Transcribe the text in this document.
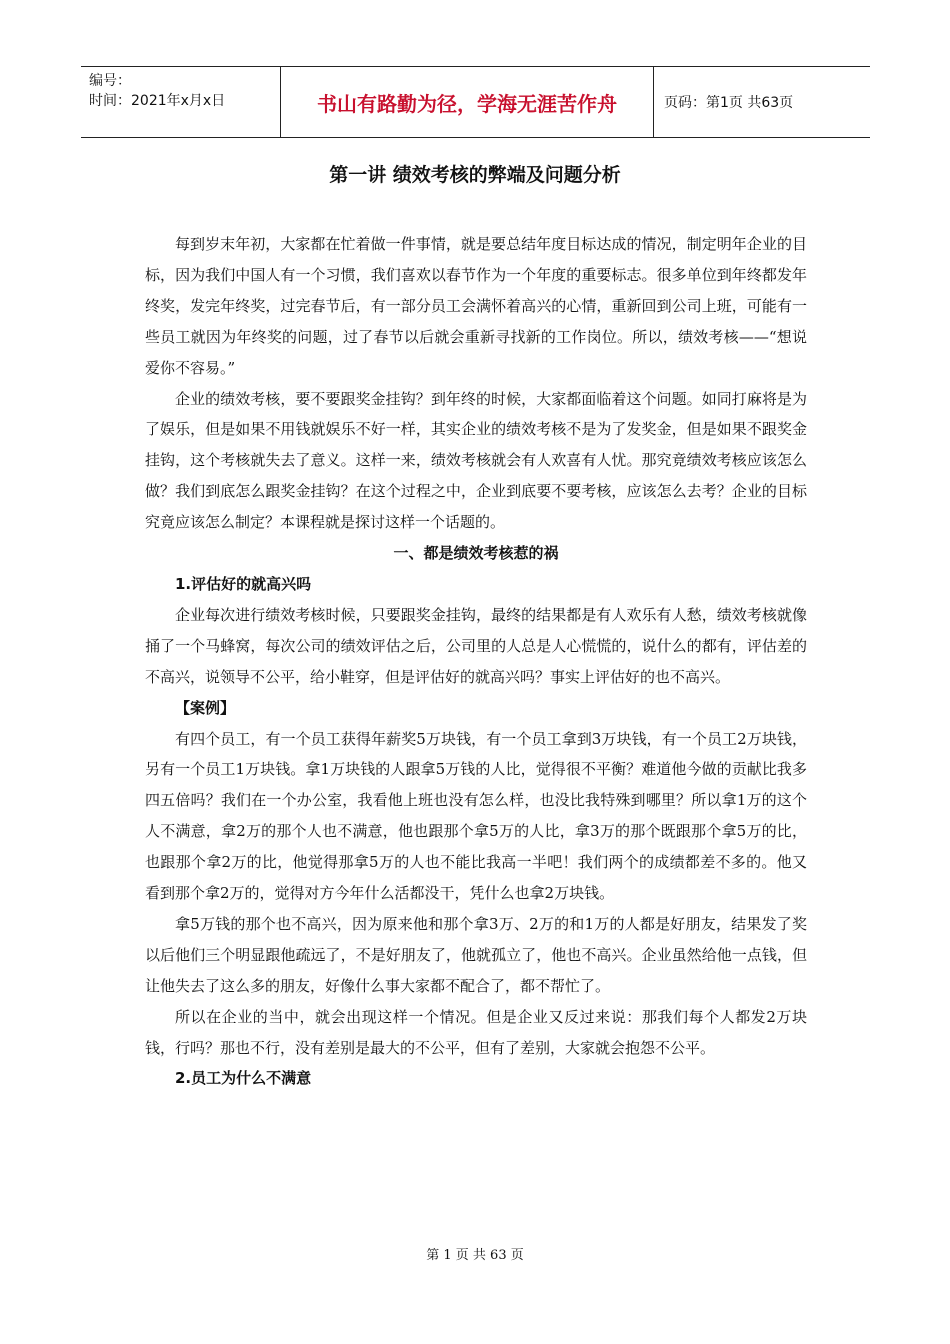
编号：
时间：2021年x月x日	书山有路勤为径，学海无涯苦作舟	页码：第1页 共63页
第一讲 绩效考核的弊端及问题分析

每到岁末年初，大家都在忙着做一件事情，就是要总结年度目标达成的情况，制定明年企业的目标，因为我们中国人有一个习惯，我们喜欢以春节作为一个年度的重要标志。很多单位到年终都发年终奖，发完年终奖，过完春节后，有一部分员工会满怀着高兴的心情，重新回到公司上班，可能有一些员工就因为年终奖的问题，过了春节以后就会重新寻找新的工作岗位。所以，绩效考核——“想说爱你不容易。”

企业的绩效考核，要不要跟奖金挂钩？到年终的时候，大家都面临着这个问题。如同打麻将是为了娱乐，但是如果不用钱就娱乐不好一样，其实企业的绩效考核不是为了发奖金，但是如果不跟奖金挂钩，这个考核就失去了意义。这样一来，绩效考核就会有人欢喜有人忧。那究竟绩效考核应该怎么做？我们到底怎么跟奖金挂钩？在这个过程之中，企业到底要不要考核，应该怎么去考？企业的目标究竟应该怎么制定？本课程就是探讨这样一个话题的。

一、都是绩效考核惹的祸
1.评估好的就高兴吗

企业每次进行绩效考核时候，只要跟奖金挂钩，最终的结果都是有人欢乐有人愁，绩效考核就像捅了一个马蜂窝，每次公司的绩效评估之后，公司里的人总是人心慌慌的，说什么的都有，评估差的不高兴，说领导不公平，给小鞋穿，但是评估好的就高兴吗？事实上评估好的也不高兴。

【案例】

有四个员工，有一个员工获得年薪奖5万块钱，有一个员工拿到3万块钱，有一个员工2万块钱，另有一个员工1万块钱。拿1万块钱的人跟拿5万钱的人比，觉得很不平衡？难道他今做的贡献比我多四五倍吗？我们在一个办公室，我看他上班也没有怎么样，也没比我特殊到哪里？所以拿1万的这个人不满意，拿2万的那个人也不满意，他也跟那个拿5万的人比，拿3万的那个既跟那个拿5万的比，也跟那个拿2万的比，他觉得那拿5万的人也不能比我高一半吧！我们两个的成绩都差不多的。他又看到那个拿2万的，觉得对方今年什么活都没干，凭什么也拿2万块钱。

拿5万钱的那个也不高兴，因为原来他和那个拿3万、2万的和1万的人都是好朋友，结果发了奖以后他们三个明显跟他疏远了，不是好朋友了，他就孤立了，他也不高兴。企业虽然给他一点钱，但让他失去了这么多的朋友，好像什么事大家都不配合了，都不帮忙了。

所以在企业的当中，就会出现这样一个情况。但是企业又反过来说：那我们每个人都发2万块钱，行吗？那也不行，没有差别是最大的不公平，但有了差别，大家就会抱怨不公平。

2.员工为什么不满意
第 1 页 共 63 页
